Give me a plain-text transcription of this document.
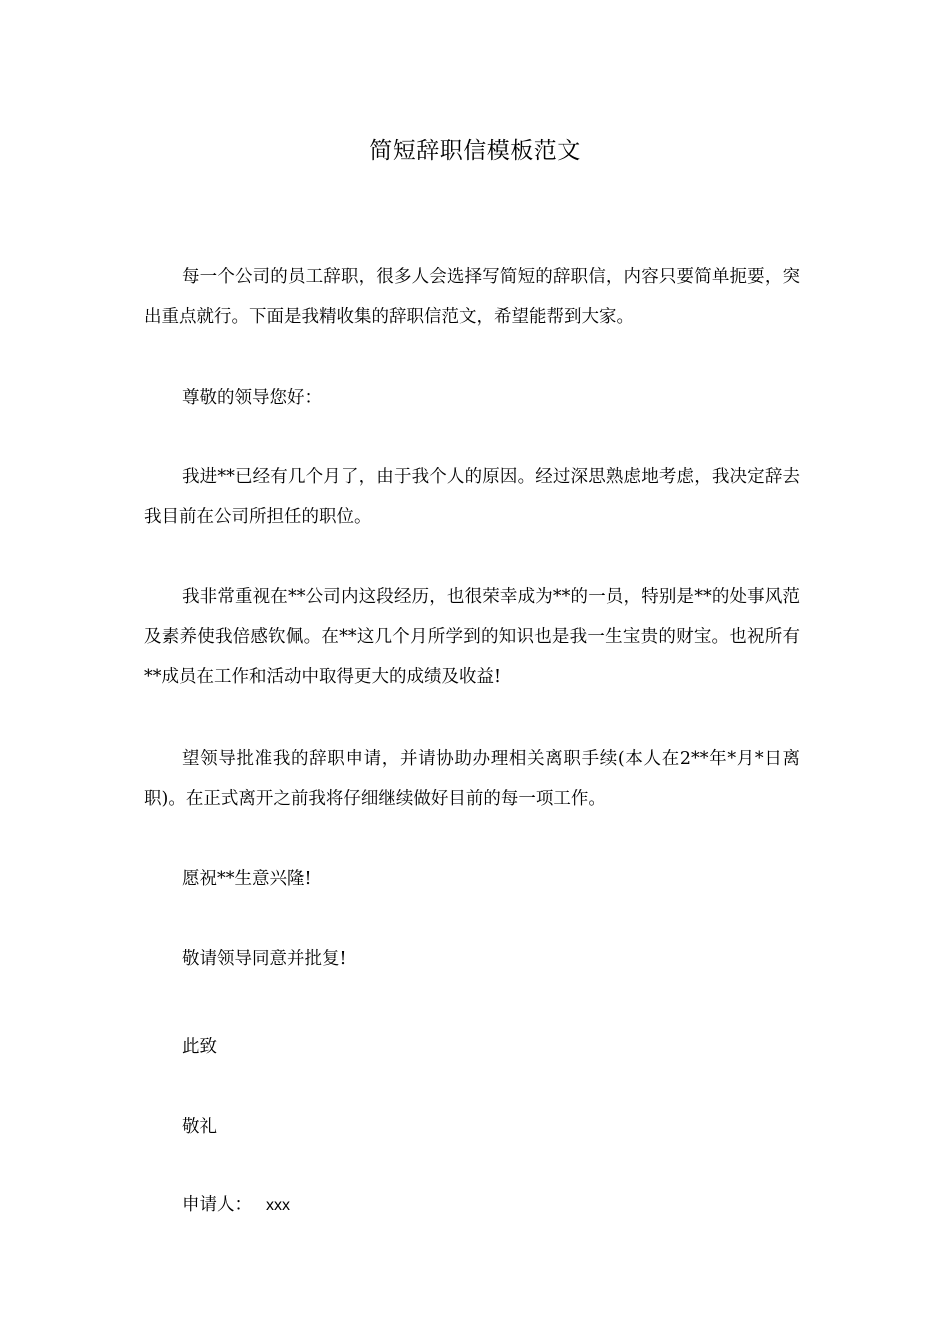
简短辞职信模板范文

每一个公司的员工辞职，很多人会选择写简短的辞职信，内容只要简单扼要，突出重点就行。下面是我精收集的辞职信范文，希望能帮到大家。

尊敬的领导您好：

我进**已经有几个月了，由于我个人的原因。经过深思熟虑地考虑，我决定辞去我目前在公司所担任的职位。

我非常重视在**公司内这段经历，也很荣幸成为**的一员，特别是**的处事风范及素养使我倍感钦佩。在**这几个月所学到的知识也是我一生宝贵的财宝。也祝所有**成员在工作和活动中取得更大的成绩及收益!

望领导批准我的辞职申请，并请协助办理相关离职手续(本人在2**年*月*日离职)。在正式离开之前我将仔细继续做好目前的每一项工作。

愿祝**生意兴隆!

敬请领导同意并批复!

此致

敬礼

申请人： xxx
